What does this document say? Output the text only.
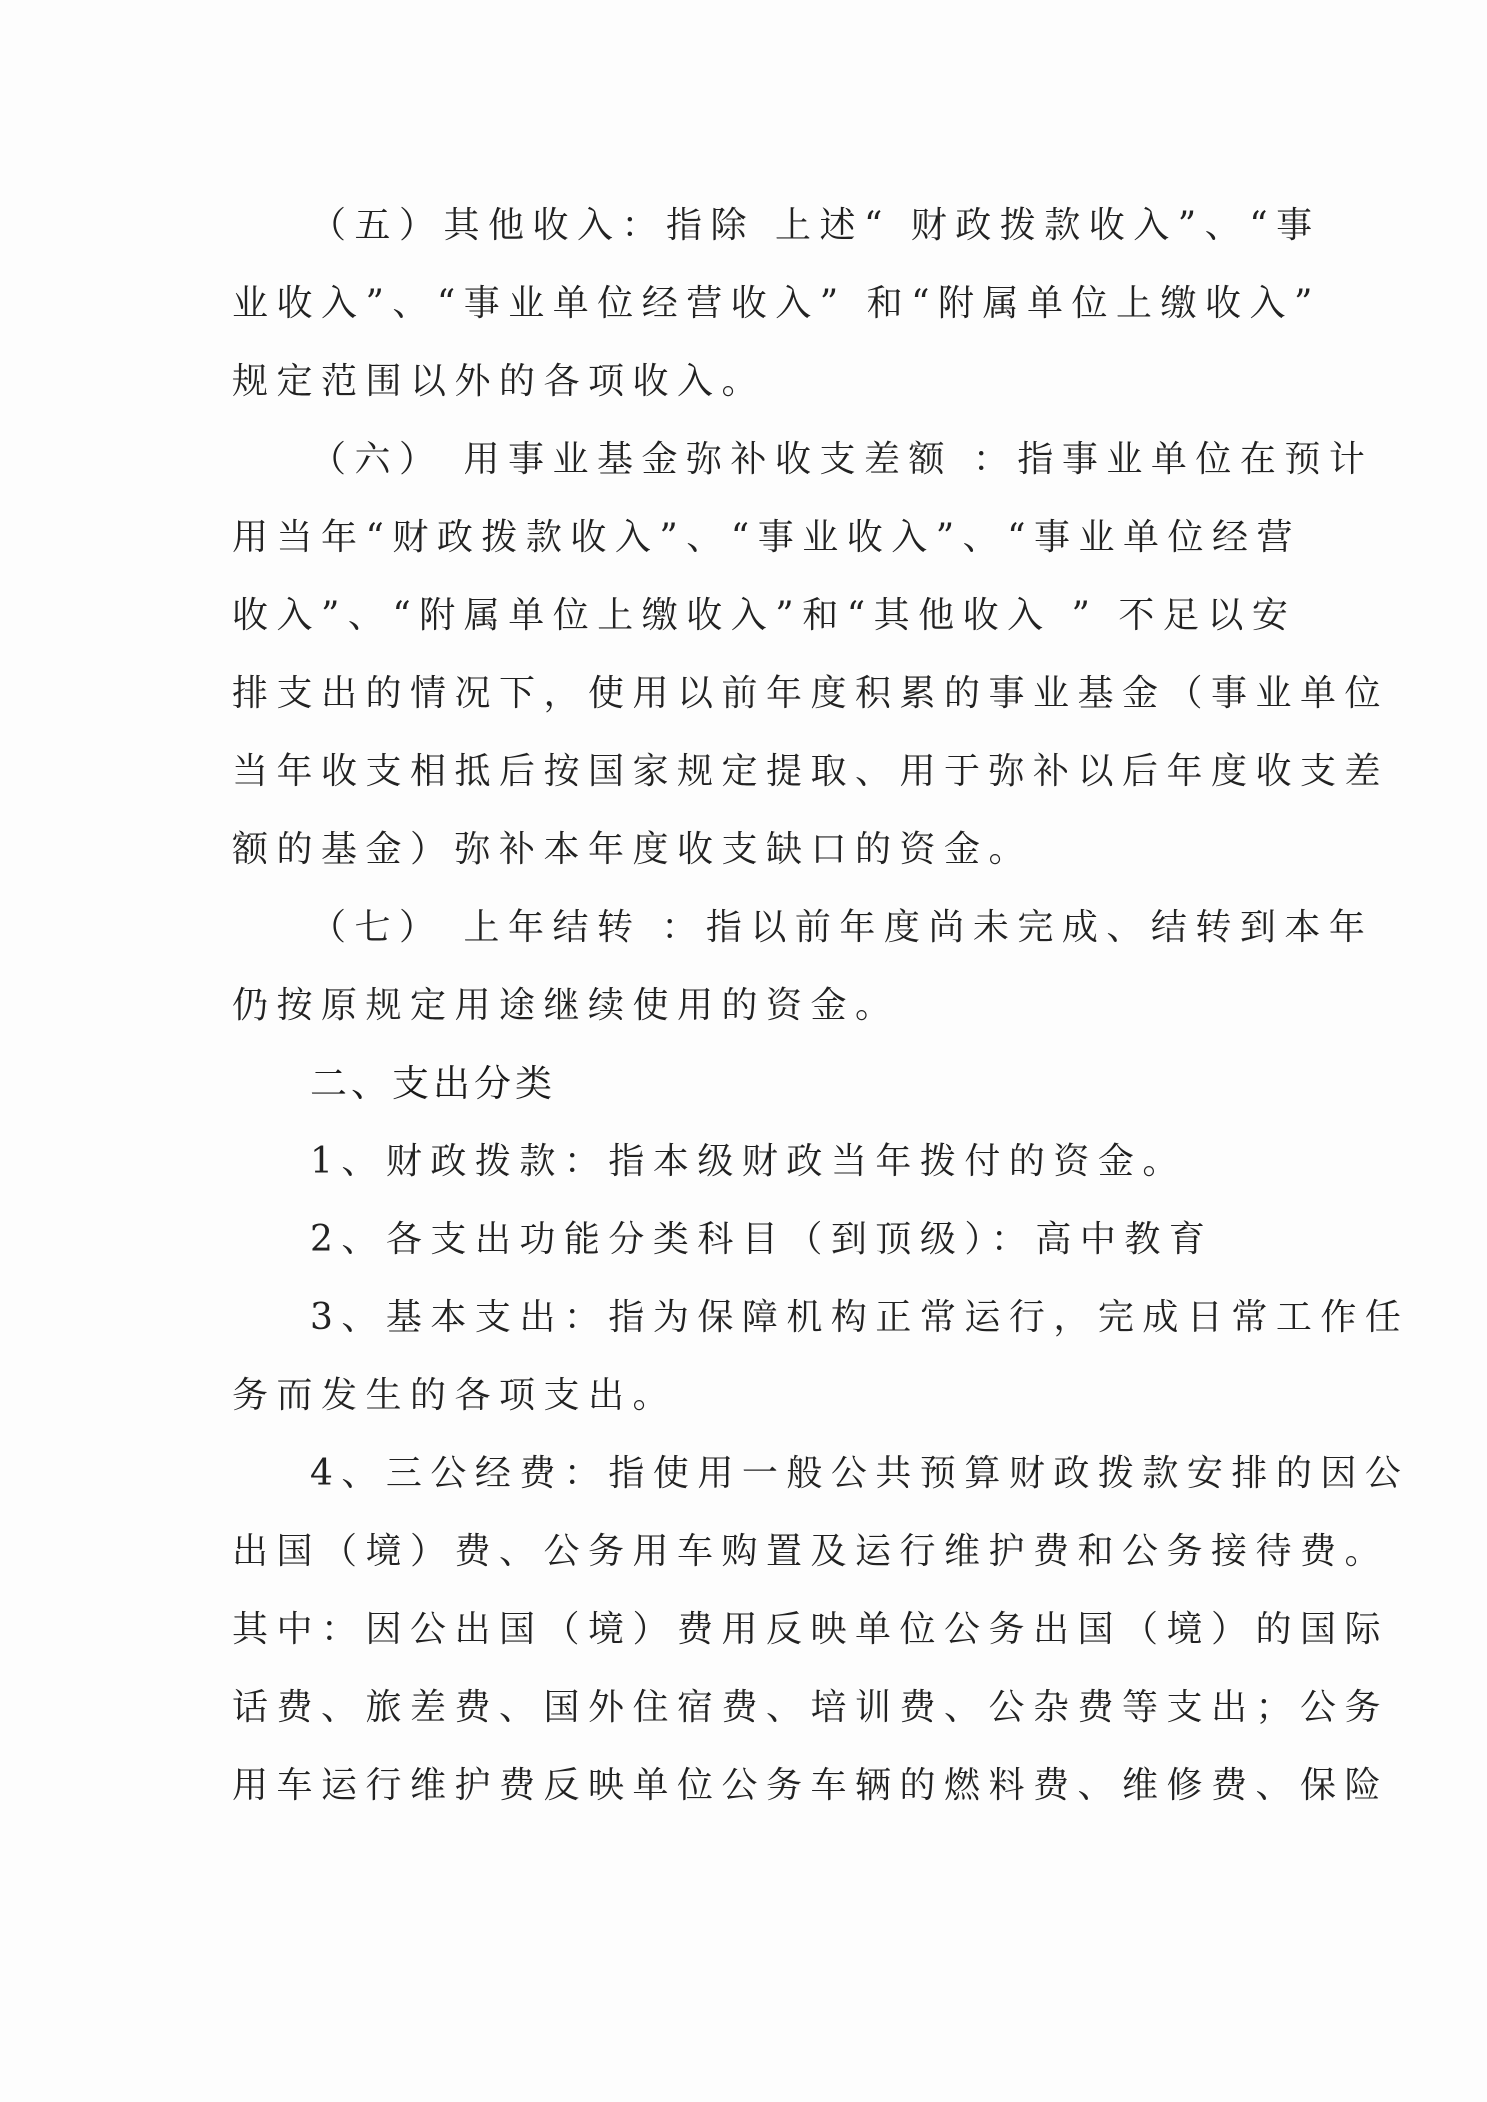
（五）其他收入：指除 上述“ 财政拨款收入”、“事
业收入”、“事业单位经营收入” 和“附属单位上缴收入”
规定范围以外的各项收入。
（六） 用事业基金弥补收支差额 ：指事业单位在预计
用当年“财政拨款收入”、“事业收入”、“事业单位经营
收入”、“附属单位上缴收入”和“其他收入 ” 不足以安
排支出的情况下，使用以前年度积累的事业基金（事业单位
当年收支相抵后按国家规定提取、用于弥补以后年度收支差
额的基金）弥补本年度收支缺口的资金。
（七） 上年结转 ：指以前年度尚未完成、结转到本年
仍按原规定用途继续使用的资金。
二、支出分类
1、财政拨款：指本级财政当年拨付的资金。
2、各支出功能分类科目（到顶级）：高中教育
3、基本支出：指为保障机构正常运行，完成日常工作任
务而发生的各项支出。
4、三公经费：指使用一般公共预算财政拨款安排的因公
出国（境）费、公务用车购置及运行维护费和公务接待费。
其中：因公出国（境）费用反映单位公务出国（境）的国际
话费、旅差费、国外住宿费、培训费、公杂费等支出；公务
用车运行维护费反映单位公务车辆的燃料费、维修费、保险
